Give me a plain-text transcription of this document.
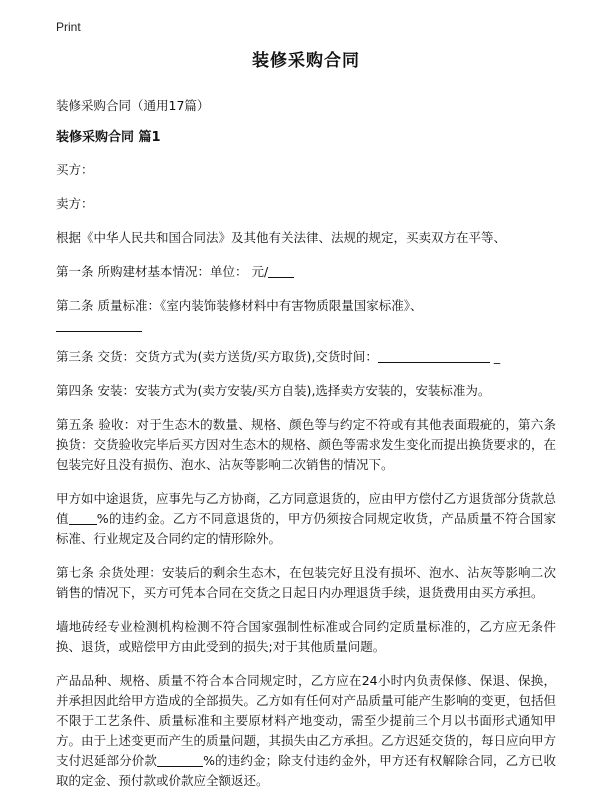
Print
装修采购合同
装修采购合同（通用17篇）
装修采购合同 篇1
买方：
卖方：
根据《中华人民共和国合同法》及其他有关法律、法规的规定，买卖双方在平等、
第一条 所购建材基本情况：单位： 元/
第二条 质量标准：《室内装饰装修材料中有害物质限量国家标准》、

第三条 交货：交货方式为(卖方送货/买方取货),交货时间：	_
第四条 安装：安装方式为(卖方安装/买方自装),选择卖方安装的，安装标准为。
第五条 验收：对于生态木的数量、规格、颜色等与约定不符或有其他表面瑕疵的，第六条 换货：交货验收完毕后买方因对生态木的规格、颜色等需求发生变化而提出换货要求的，在包装完好且没有损伤、泡水、沾灰等影响二次销售的情况下。
甲方如中途退货，应事先与乙方协商，乙方同意退货的，应由甲方偿付乙方退货部分货款总值 %的违约金。乙方不同意退货的，甲方仍须按合同规定收货，产品质量不符合国家标准、行业规定及合同约定的情形除外。
第七条 余货处理：安装后的剩余生态木，在包装完好且没有损坏、泡水、沾灰等影响二次销售的情况下，买方可凭本合同在交货之日起日内办理退货手续，退货费用由买方承担。
墙地砖经专业检测机构检测不符合国家强制性标准或合同约定质量标准的，乙方应无条件换、退货，或赔偿甲方由此受到的损失;对于其他质量问题。
产品品种、规格、质量不符合本合同规定时，乙方应在24小时内负责保修、保退、保换，并承担因此给甲方造成的全部损失。乙方如有任何对产品质量可能产生影响的变更，包括但不限于工艺条件、质量标准和主要原材料产地变动，需至少提前三个月以书面形式通知甲方。由于上述变更而产生的质量问题，其损失由乙方承担。乙方迟延交货的，每日应向甲方支付迟延部分价款	%的违约金；除支付违约金外，甲方还有权解除合同，乙方已收取的定金、预付款或价款应全额返还。
